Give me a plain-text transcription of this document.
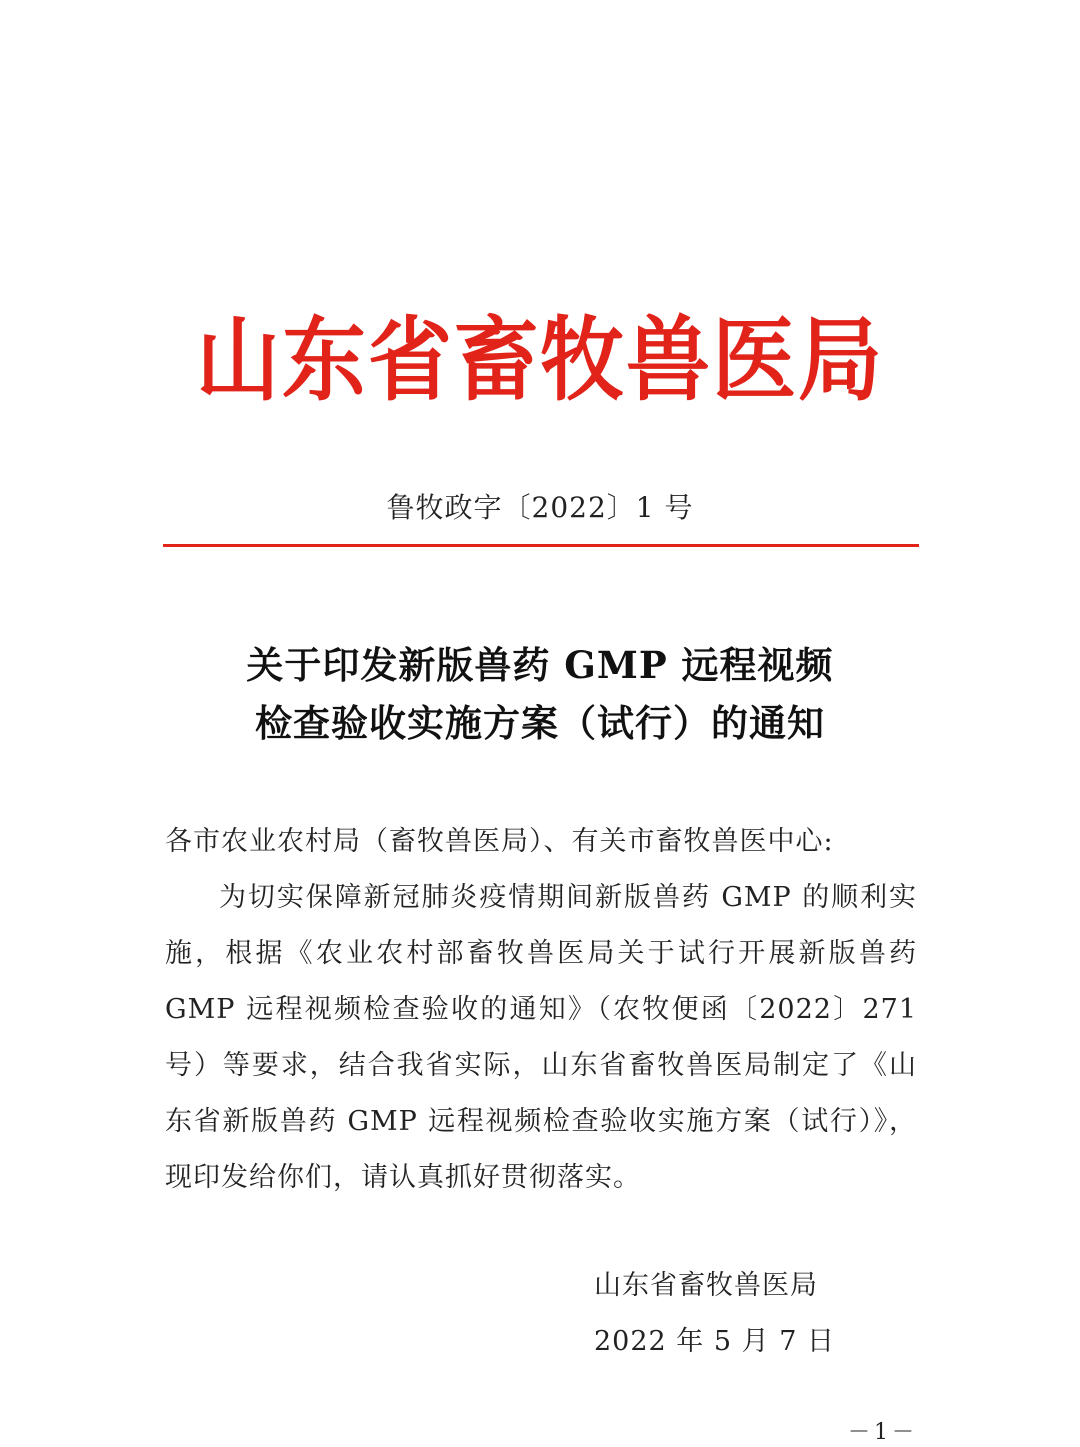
山东省畜牧兽医局
鲁牧政字〔2022〕1 号
关于印发新版兽药 GMP 远程视频
检查验收实施方案（试行）的通知

各市农业农村局（畜牧兽医局）、有关市畜牧兽医中心:

为切实保障新冠肺炎疫情期间新版兽药 GMP 的顺利实施，根据《农业农村部畜牧兽医局关于试行开展新版兽药 GMP 远程视频检查验收的通知》（农牧便函〔2022〕271 号）等要求，结合我省实际，山东省畜牧兽医局制定了《山东省新版兽药 GMP 远程视频检查验收实施方案（试行）》，现印发给你们，请认真抓好贯彻落实。

山东省畜牧兽医局
2022 年 5 月 7 日
－1－
